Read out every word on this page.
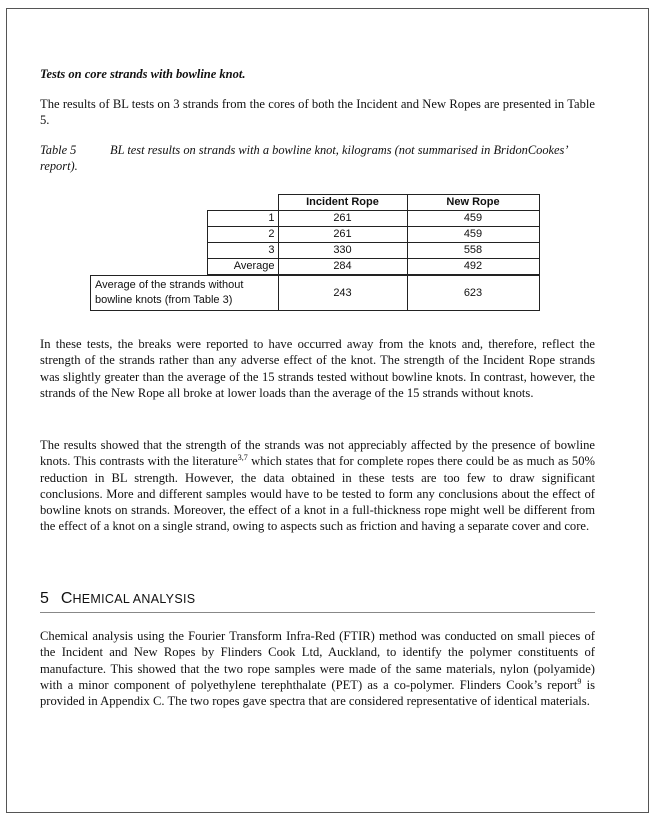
Tests on core strands with bowline knot.

The results of BL tests on 3 strands from the cores of both the Incident and New Ropes are presented in Table 5.

Table 5	BL test results on strands with a bowline knot, kilograms (not summarised in BridonCookes’ report).
		Incident Rope	New Rope
	1	261	459
	2	261	459
	3	330	558
	Average	284	492
Average of the strands without bowline knots (from Table 3)		243	623

In these tests, the breaks were reported to have occurred away from the knots and, therefore, reflect the strength of the strands rather than any adverse effect of the knot. The strength of the Incident Rope strands was slightly greater than the average of the 15 strands tested without bowline knots. In contrast, however, the strands of the New Rope all broke at lower loads than the average of the 15 strands without knots.

The results showed that the strength of the strands was not appreciably affected by the presence of bowline knots. This contrasts with the literature$^{3,7}$ which states that for complete ropes there could be as much as 50% reduction in BL strength. However, the data obtained in these tests are too few to draw significant conclusions. More and different samples would have to be tested to form any conclusions about the effect of bowline knots on strands. Moreover, the effect of a knot in a full-thickness rope might well be different from the effect of a knot on a single strand, owing to aspects such as friction and having a separate cover and core.

5 CHEMICAL ANALYSIS

Chemical analysis using the Fourier Transform Infra-Red (FTIR) method was conducted on small pieces of the Incident and New Ropes by Flinders Cook Ltd, Auckland, to identify the polymer constituents of manufacture. This showed that the two rope samples were made of the same materials, nylon (polyamide) with a minor component of polyethylene terephthalate (PET) as a co-polymer. Flinders Cook’s report$^9$ is provided in Appendix C. The two ropes gave spectra that are considered representative of identical materials.
